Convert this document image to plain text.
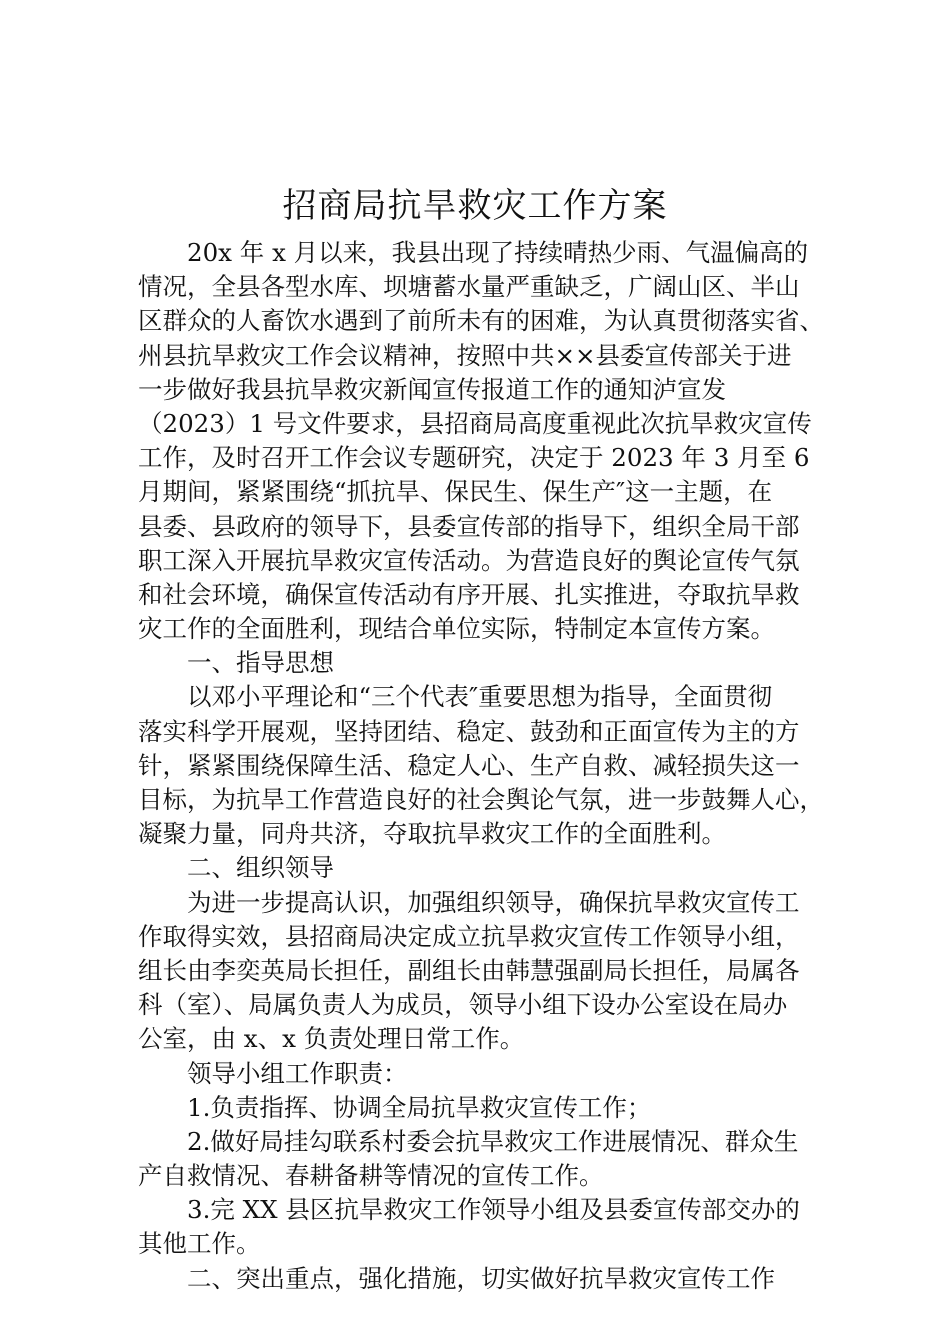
招商局抗旱救灾工作方案

20x 年 x 月以来，我县出现了持续晴热少雨、气温偏高的

情况，全县各型水库、坝塘蓄水量严重缺乏，广阔山区、半山

区群众的人畜饮水遇到了前所未有的困难，为认真贯彻落实省、

州县抗旱救灾工作会议精神，按照中共××县委宣传部关于进

一步做好我县抗旱救灾新闻宣传报道工作的通知泸宣发

（2023）1 号文件要求，县招商局高度重视此次抗旱救灾宣传

工作，及时召开工作会议专题研究，决定于 2023 年 3 月至 6

月期间，紧紧围绕“抓抗旱、保民生、保生产″这一主题，在

县委、县政府的领导下，县委宣传部的指导下，组织全局干部

职工深入开展抗旱救灾宣传活动。为营造良好的舆论宣传气氛

和社会环境，确保宣传活动有序开展、扎实推进，夺取抗旱救

灾工作的全面胜利，现结合单位实际，特制定本宣传方案。

一、指导思想

以邓小平理论和“三个代表″重要思想为指导，全面贯彻

落实科学开展观，坚持团结、稳定、鼓劲和正面宣传为主的方

针，紧紧围绕保障生活、稳定人心、生产自救、减轻损失这一

目标，为抗旱工作营造良好的社会舆论气氛，进一步鼓舞人心，

凝聚力量，同舟共济，夺取抗旱救灾工作的全面胜利。

二、组织领导

为进一步提高认识，加强组织领导，确保抗旱救灾宣传工

作取得实效，县招商局决定成立抗旱救灾宣传工作领导小组，

组长由李奕英局长担任，副组长由韩慧强副局长担任，局属各

科（室）、局属负责人为成员，领导小组下设办公室设在局办

公室，由 x、x 负责处理日常工作。

领导小组工作职责：

1.负责指挥、协调全局抗旱救灾宣传工作；

2.做好局挂勾联系村委会抗旱救灾工作进展情况、群众生

产自救情况、春耕备耕等情况的宣传工作。

3.完 XX 县区抗旱救灾工作领导小组及县委宣传部交办的

其他工作。

二、突出重点，强化措施，切实做好抗旱救灾宣传工作
